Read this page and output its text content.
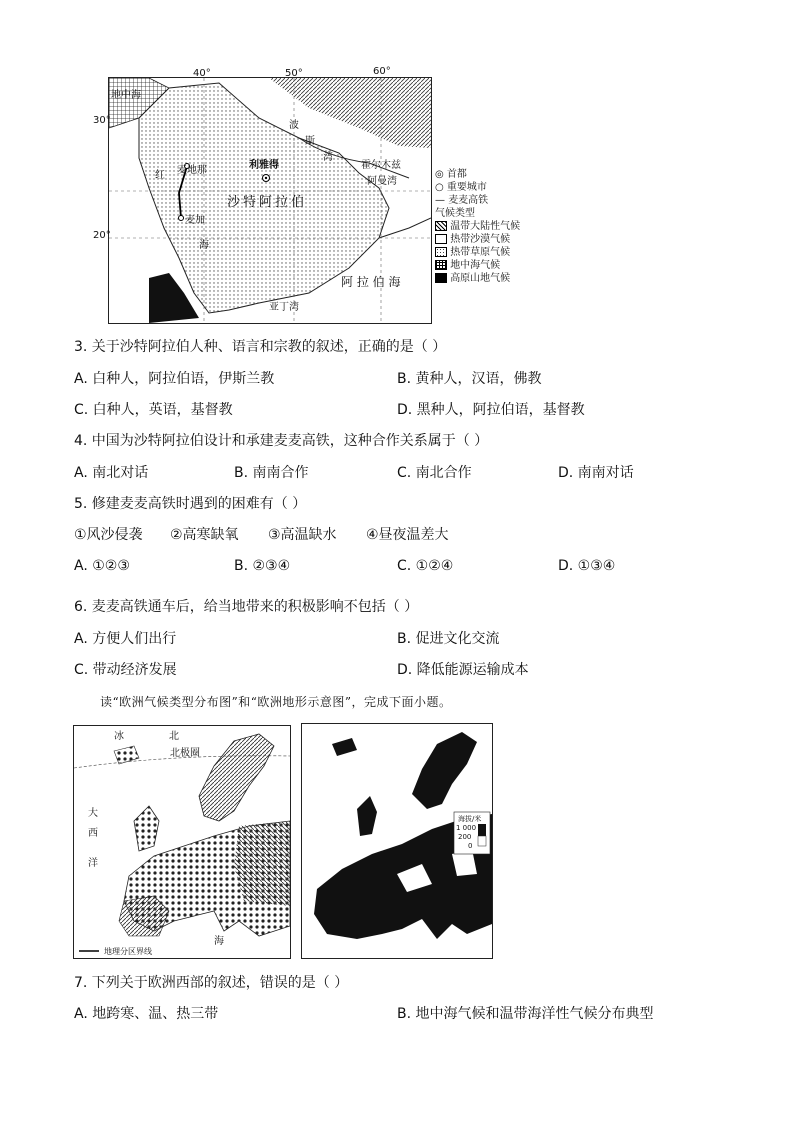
地中海
红 麦地那	利雅得
麦加
沙特阿拉伯
波
斯
湾
霍尔木兹
阿曼湾
海
阿 拉 伯 海
亚丁湾
40°	50°	60°
30°
20°
◎ 首都
○ 重要城市
— 麦麦高铁
气候类型
温带大陆性气候
热带沙漠气候
热带草原气候
地中海气候
高原山地气候
3. 关于沙特阿拉伯人种、语言和宗教的叙述，正确的是（ ）
A. 白种人，阿拉伯语，伊斯兰教	B. 黄种人，汉语，佛教
C. 白种人，英语，基督教	D. 黑种人，阿拉伯语，基督教
4. 中国为沙特阿拉伯设计和承建麦麦高铁，这种合作关系属于（ ）
A. 南北对话	B. 南南合作	C. 南北合作	D. 南南对话
5. 修建麦麦高铁时遇到的困难有（ ）
①风沙侵袭 ②高寒缺氧 ③高温缺水 ④昼夜温差大
A. ①②③	B. ②③④	C. ①②④	D. ①③④
6. 麦麦高铁通车后，给当地带来的积极影响不包括（ ）
A. 方便人们出行	B. 促进文化交流
C. 带动经济发展	D. 降低能源运输成本
读“欧洲气候类型分布图”和“欧洲地形示意图”，完成下面小题。
冰	北
北极圈
大
西
洋
海
地理分区界线
海拔/米
1 000
200
0
7. 下列关于欧洲西部的叙述，错误的是（ ）
A. 地跨寒、温、热三带	B. 地中海气候和温带海洋性气候分布典型
